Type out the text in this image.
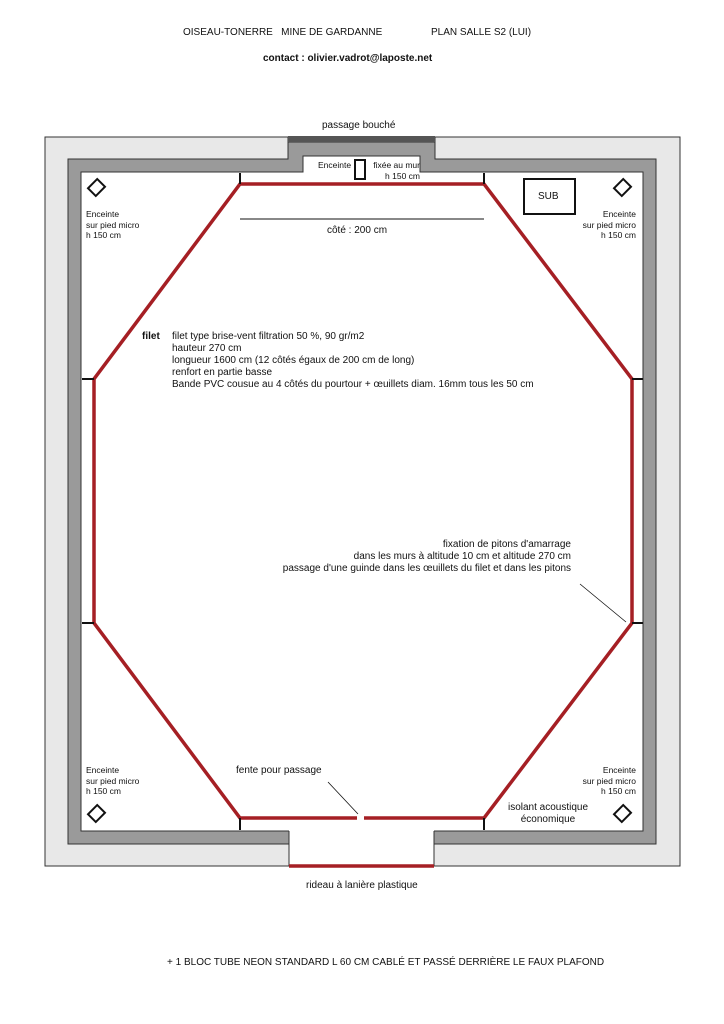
OISEAU-TONERRE   MINE DE GARDANNE	PLAN SALLE S2 (LUI)
contact : olivier.vadrot@laposte.net
passage bouché
Enceinte	fixée au mur
h 150 cm
SUB
Enceinte
sur pied micro
h 150 cm
Enceinte
sur pied micro
h 150 cm
Enceinte
sur pied micro
h 150 cm
Enceinte
sur pied micro
h 150 cm
côté : 200 cm
filet filet type brise-vent filtration 50 %, 90 gr/m2
hauteur 270 cm
longueur 1600 cm (12 côtés égaux de 200 cm de long)
renfort en partie basse
Bande PVC cousue au 4 côtés du pourtour + œuillets diam. 16mm tous les 50 cm
fixation de pitons d'amarrage
dans les murs à altitude 10 cm et altitude 270 cm
passage d'une guinde dans les œuillets du filet et dans les pitons
fente pour passage
isolant acoustique
économique
rideau à lanière plastique
+ 1 BLOC TUBE NEON STANDARD L 60 CM CABLÉ ET PASSÉ DERRIÈRE LE FAUX PLAFOND
